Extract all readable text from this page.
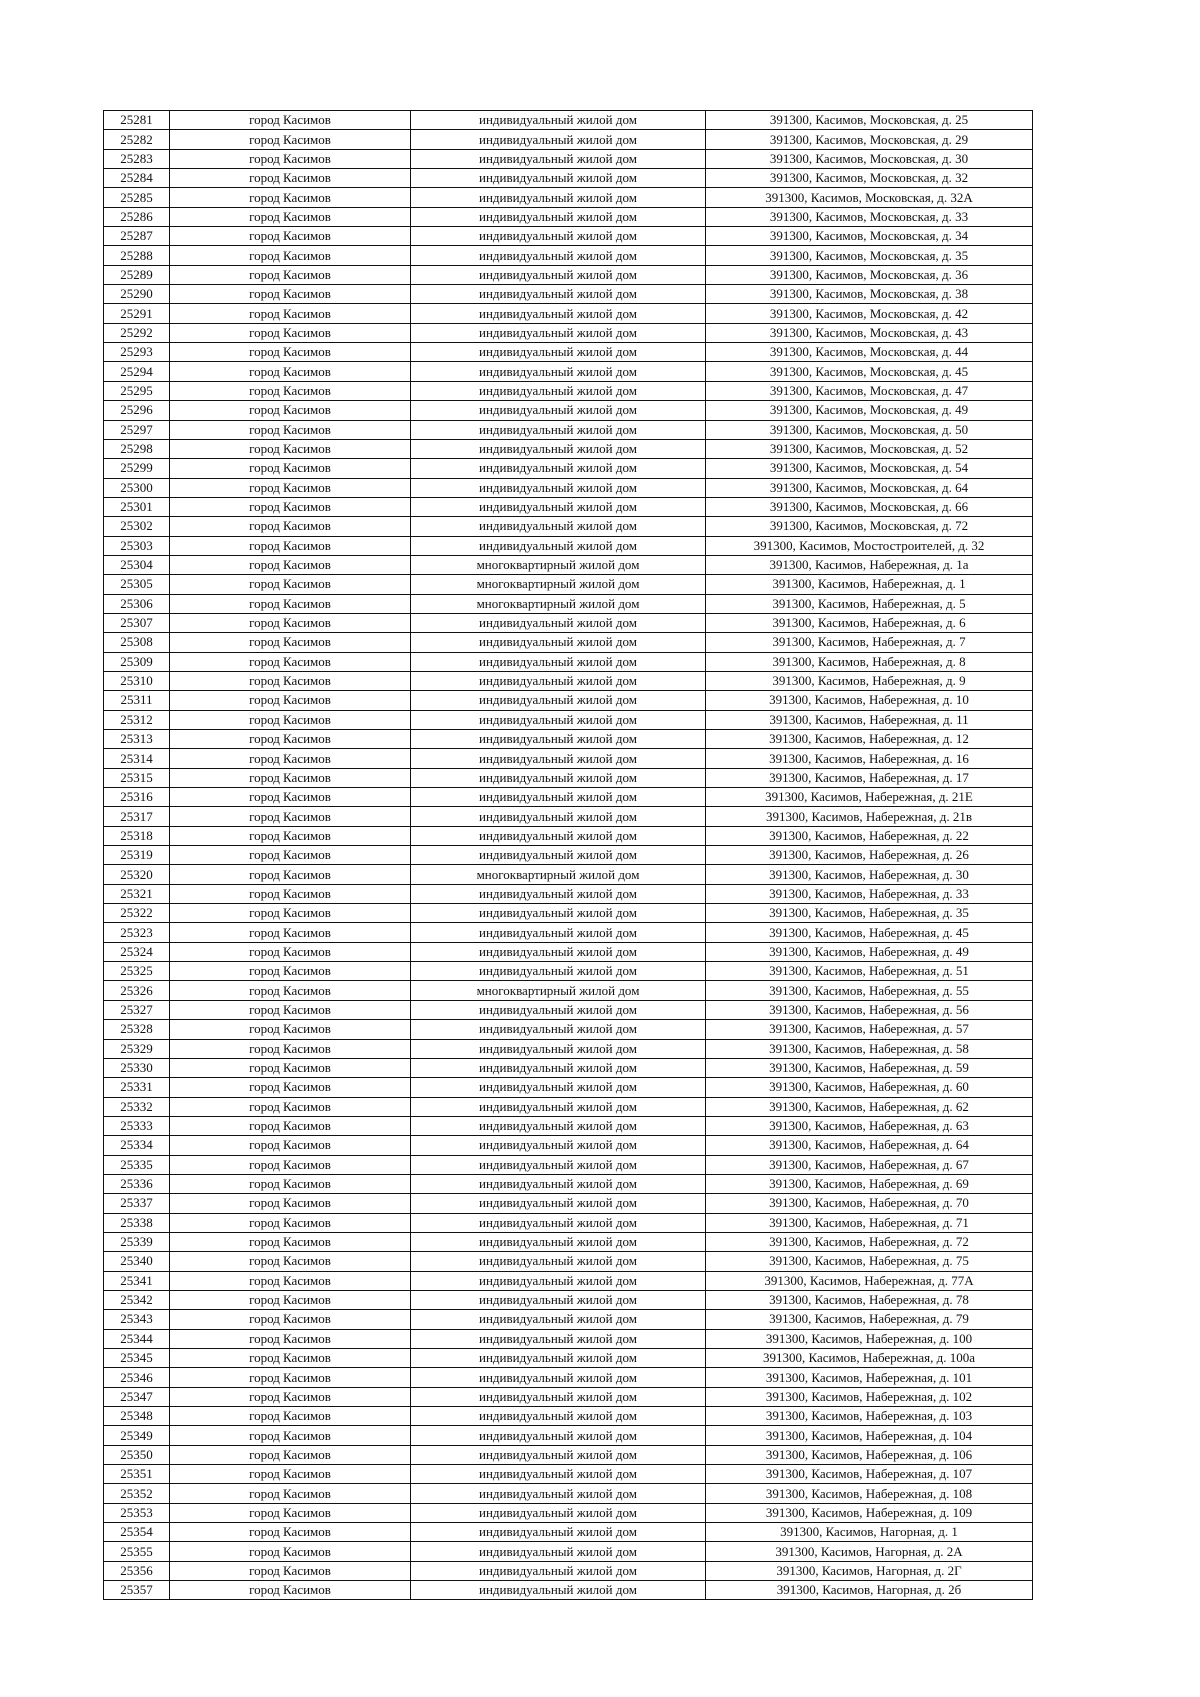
25281	город Касимов	индивидуальный жилой дом	391300, Касимов, Московская, д. 25
25282	город Касимов	индивидуальный жилой дом	391300, Касимов, Московская, д. 29
25283	город Касимов	индивидуальный жилой дом	391300, Касимов, Московская, д. 30
25284	город Касимов	индивидуальный жилой дом	391300, Касимов, Московская, д. 32
25285	город Касимов	индивидуальный жилой дом	391300, Касимов, Московская, д. 32А
25286	город Касимов	индивидуальный жилой дом	391300, Касимов, Московская, д. 33
25287	город Касимов	индивидуальный жилой дом	391300, Касимов, Московская, д. 34
25288	город Касимов	индивидуальный жилой дом	391300, Касимов, Московская, д. 35
25289	город Касимов	индивидуальный жилой дом	391300, Касимов, Московская, д. 36
25290	город Касимов	индивидуальный жилой дом	391300, Касимов, Московская, д. 38
25291	город Касимов	индивидуальный жилой дом	391300, Касимов, Московская, д. 42
25292	город Касимов	индивидуальный жилой дом	391300, Касимов, Московская, д. 43
25293	город Касимов	индивидуальный жилой дом	391300, Касимов, Московская, д. 44
25294	город Касимов	индивидуальный жилой дом	391300, Касимов, Московская, д. 45
25295	город Касимов	индивидуальный жилой дом	391300, Касимов, Московская, д. 47
25296	город Касимов	индивидуальный жилой дом	391300, Касимов, Московская, д. 49
25297	город Касимов	индивидуальный жилой дом	391300, Касимов, Московская, д. 50
25298	город Касимов	индивидуальный жилой дом	391300, Касимов, Московская, д. 52
25299	город Касимов	индивидуальный жилой дом	391300, Касимов, Московская, д. 54
25300	город Касимов	индивидуальный жилой дом	391300, Касимов, Московская, д. 64
25301	город Касимов	индивидуальный жилой дом	391300, Касимов, Московская, д. 66
25302	город Касимов	индивидуальный жилой дом	391300, Касимов, Московская, д. 72
25303	город Касимов	индивидуальный жилой дом	391300, Касимов, Мостостроителей, д. 32
25304	город Касимов	многоквартирный жилой дом	391300, Касимов, Набережная, д. 1а
25305	город Касимов	многоквартирный жилой дом	391300, Касимов, Набережная, д. 1
25306	город Касимов	многоквартирный жилой дом	391300, Касимов, Набережная, д. 5
25307	город Касимов	индивидуальный жилой дом	391300, Касимов, Набережная, д. 6
25308	город Касимов	индивидуальный жилой дом	391300, Касимов, Набережная, д. 7
25309	город Касимов	индивидуальный жилой дом	391300, Касимов, Набережная, д. 8
25310	город Касимов	индивидуальный жилой дом	391300, Касимов, Набережная, д. 9
25311	город Касимов	индивидуальный жилой дом	391300, Касимов, Набережная, д. 10
25312	город Касимов	индивидуальный жилой дом	391300, Касимов, Набережная, д. 11
25313	город Касимов	индивидуальный жилой дом	391300, Касимов, Набережная, д. 12
25314	город Касимов	индивидуальный жилой дом	391300, Касимов, Набережная, д. 16
25315	город Касимов	индивидуальный жилой дом	391300, Касимов, Набережная, д. 17
25316	город Касимов	индивидуальный жилой дом	391300, Касимов, Набережная, д. 21Е
25317	город Касимов	индивидуальный жилой дом	391300, Касимов, Набережная, д. 21в
25318	город Касимов	индивидуальный жилой дом	391300, Касимов, Набережная, д. 22
25319	город Касимов	индивидуальный жилой дом	391300, Касимов, Набережная, д. 26
25320	город Касимов	многоквартирный жилой дом	391300, Касимов, Набережная, д. 30
25321	город Касимов	индивидуальный жилой дом	391300, Касимов, Набережная, д. 33
25322	город Касимов	индивидуальный жилой дом	391300, Касимов, Набережная, д. 35
25323	город Касимов	индивидуальный жилой дом	391300, Касимов, Набережная, д. 45
25324	город Касимов	индивидуальный жилой дом	391300, Касимов, Набережная, д. 49
25325	город Касимов	индивидуальный жилой дом	391300, Касимов, Набережная, д. 51
25326	город Касимов	многоквартирный жилой дом	391300, Касимов, Набережная, д. 55
25327	город Касимов	индивидуальный жилой дом	391300, Касимов, Набережная, д. 56
25328	город Касимов	индивидуальный жилой дом	391300, Касимов, Набережная, д. 57
25329	город Касимов	индивидуальный жилой дом	391300, Касимов, Набережная, д. 58
25330	город Касимов	индивидуальный жилой дом	391300, Касимов, Набережная, д. 59
25331	город Касимов	индивидуальный жилой дом	391300, Касимов, Набережная, д. 60
25332	город Касимов	индивидуальный жилой дом	391300, Касимов, Набережная, д. 62
25333	город Касимов	индивидуальный жилой дом	391300, Касимов, Набережная, д. 63
25334	город Касимов	индивидуальный жилой дом	391300, Касимов, Набережная, д. 64
25335	город Касимов	индивидуальный жилой дом	391300, Касимов, Набережная, д. 67
25336	город Касимов	индивидуальный жилой дом	391300, Касимов, Набережная, д. 69
25337	город Касимов	индивидуальный жилой дом	391300, Касимов, Набережная, д. 70
25338	город Касимов	индивидуальный жилой дом	391300, Касимов, Набережная, д. 71
25339	город Касимов	индивидуальный жилой дом	391300, Касимов, Набережная, д. 72
25340	город Касимов	индивидуальный жилой дом	391300, Касимов, Набережная, д. 75
25341	город Касимов	индивидуальный жилой дом	391300, Касимов, Набережная, д. 77А
25342	город Касимов	индивидуальный жилой дом	391300, Касимов, Набережная, д. 78
25343	город Касимов	индивидуальный жилой дом	391300, Касимов, Набережная, д. 79
25344	город Касимов	индивидуальный жилой дом	391300, Касимов, Набережная, д. 100
25345	город Касимов	индивидуальный жилой дом	391300, Касимов, Набережная, д. 100а
25346	город Касимов	индивидуальный жилой дом	391300, Касимов, Набережная, д. 101
25347	город Касимов	индивидуальный жилой дом	391300, Касимов, Набережная, д. 102
25348	город Касимов	индивидуальный жилой дом	391300, Касимов, Набережная, д. 103
25349	город Касимов	индивидуальный жилой дом	391300, Касимов, Набережная, д. 104
25350	город Касимов	индивидуальный жилой дом	391300, Касимов, Набережная, д. 106
25351	город Касимов	индивидуальный жилой дом	391300, Касимов, Набережная, д. 107
25352	город Касимов	индивидуальный жилой дом	391300, Касимов, Набережная, д. 108
25353	город Касимов	индивидуальный жилой дом	391300, Касимов, Набережная, д. 109
25354	город Касимов	индивидуальный жилой дом	391300, Касимов, Нагорная, д. 1
25355	город Касимов	индивидуальный жилой дом	391300, Касимов, Нагорная, д. 2А
25356	город Касимов	индивидуальный жилой дом	391300, Касимов, Нагорная, д. 2Г
25357	город Касимов	индивидуальный жилой дом	391300, Касимов, Нагорная, д. 2б
